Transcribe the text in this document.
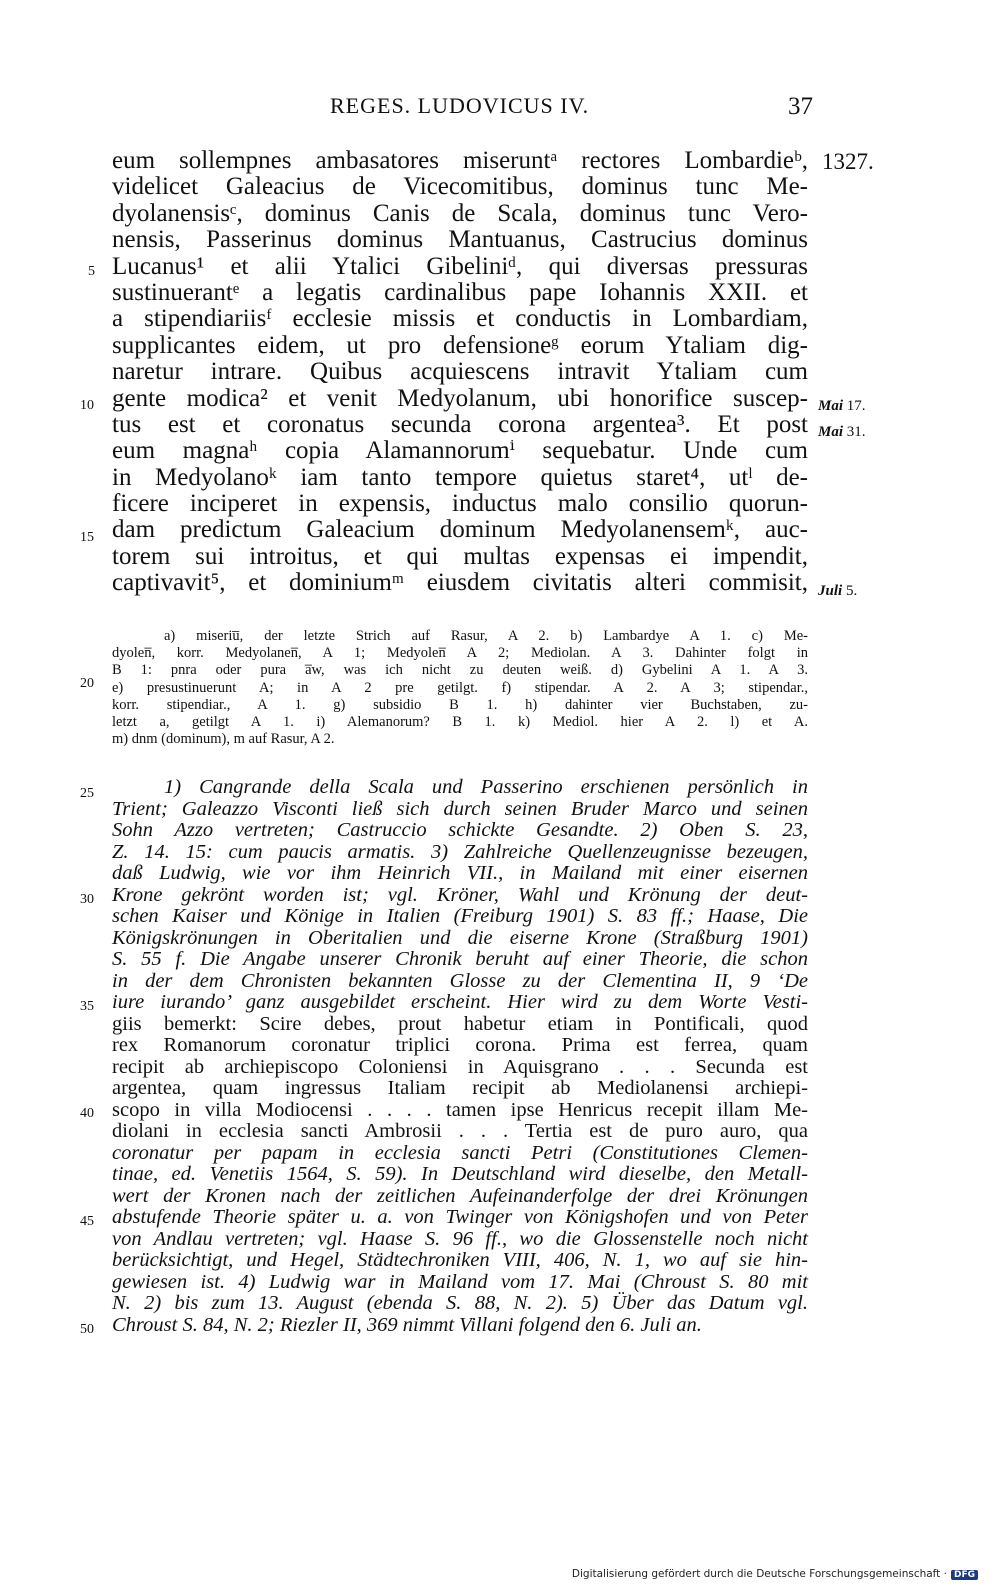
REGES. LUDOVICUS IV.	37
eum sollempnes ambasatores miseruntᵃ rectores Lombardieᵇ,
videlicet Galeacius de Vicecomitibus, dominus tunc Me-
dyolanensisᶜ, dominus Canis de Scala, dominus tunc Vero-
nensis, Passerinus dominus Mantuanus, Castrucius dominus
Lucanus¹ et alii Ytalici Gibeliniᵈ, qui diversas pressuras
sustinuerantᵉ a legatis cardinalibus pape Iohannis XXII. et
a stipendiariisᶠ ecclesie missis et conductis in Lombardiam,
supplicantes eidem, ut pro defensioneᵍ eorum Ytaliam dig-
naretur intrare. Quibus acquiescens intravit Ytaliam cum
gente modica² et venit Medyolanum, ubi honorifice suscep-
tus est et coronatus secunda corona argentea³. Et post
eum magnaʰ copia Alamannorumⁱ sequebatur. Unde cum
in Medyolanoᵏ iam tanto tempore quietus staret⁴, utˡ de-
ficere inciperet in expensis, inductus malo consilio quorun-
dam predictum Galeacium dominum Medyolanensemᵏ, auc-
torem sui introitus, et qui multas expensas ei impendit,
captivavit⁵, et dominiumᵐ eiusdem civitatis alteri commisit,
1327.
Mai 17.
Mai 31.
Juli 5.
5
10
15
20
25
30
35
40
45
50
a) miseriu̅, der letzte Strich auf Rasur, A 2. b) Lambardye A 1. c) Me-
dyolen̅, korr. Medyolanen̅, A 1; Medyolen̅ A 2; Mediolan. A 3. Dahinter folgt in
B 1: pnra oder pura a̅w, was ich nicht zu deuten weiß. d) Gybelini A 1. A 3.
e) presustinuerunt A; in A 2 pre getilgt. f) stipendar. A 2. A 3; stipendar.,
korr. stipendiar., A 1. g) subsidio B 1. h) dahinter vier Buchstaben, zu-
letzt a, getilgt A 1. i) Alemanorum? B 1. k) Mediol. hier A 2. l) et A.
m) dnm (dominum), m auf Rasur, A 2.
1) Cangrande della Scala und Passerino erschienen persönlich in
Trient; Galeazzo Visconti ließ sich durch seinen Bruder Marco und seinen
Sohn Azzo vertreten; Castruccio schickte Gesandte. 2) Oben S. 23,
Z. 14. 15: cum paucis armatis. 3) Zahlreiche Quellenzeugnisse bezeugen,
daß Ludwig, wie vor ihm Heinrich VII., in Mailand mit einer eisernen
Krone gekrönt worden ist; vgl. Kröner, Wahl und Krönung der deut-
schen Kaiser und Könige in Italien (Freiburg 1901) S. 83 ff.; Haase, Die
Königskrönungen in Oberitalien und die eiserne Krone (Straßburg 1901)
S. 55 f. Die Angabe unserer Chronik beruht auf einer Theorie, die schon
in der dem Chronisten bekannten Glosse zu der Clementina II, 9 ‘De
iure iurando’ ganz ausgebildet erscheint. Hier wird zu dem Worte Vesti-
giis bemerkt: Scire debes, prout habetur etiam in Pontificali, quod
rex Romanorum coronatur triplici corona. Prima est ferrea, quam
recipit ab archiepiscopo Coloniensi in Aquisgrano . . . Secunda est
argentea, quam ingressus Italiam recipit ab Mediolanensi archiepi-
scopo in villa Modiocensi . . . . tamen ipse Henricus recepit illam Me-
diolani in ecclesia sancti Ambrosii . . . Tertia est de puro auro, qua
coronatur per papam in ecclesia sancti Petri (Constitutiones Clemen-
tinae, ed. Venetiis 1564, S. 59). In Deutschland wird dieselbe, den Metall-
wert der Kronen nach der zeitlichen Aufeinanderfolge der drei Krönungen
abstufende Theorie später u. a. von Twinger von Königshofen und von Peter
von Andlau vertreten; vgl. Haase S. 96 ff., wo die Glossenstelle noch nicht
berücksichtigt, und Hegel, Städtechroniken VIII, 406, N. 1, wo auf sie hin-
gewiesen ist. 4) Ludwig war in Mailand vom 17. Mai (Chroust S. 80 mit
N. 2) bis zum 13. August (ebenda S. 88, N. 2). 5) Über das Datum vgl.
Chroust S. 84, N. 2; Riezler II, 369 nimmt Villani folgend den 6. Juli an.
Digitalisierung gefördert durch die Deutsche Forschungsgemeinschaft · DFG
